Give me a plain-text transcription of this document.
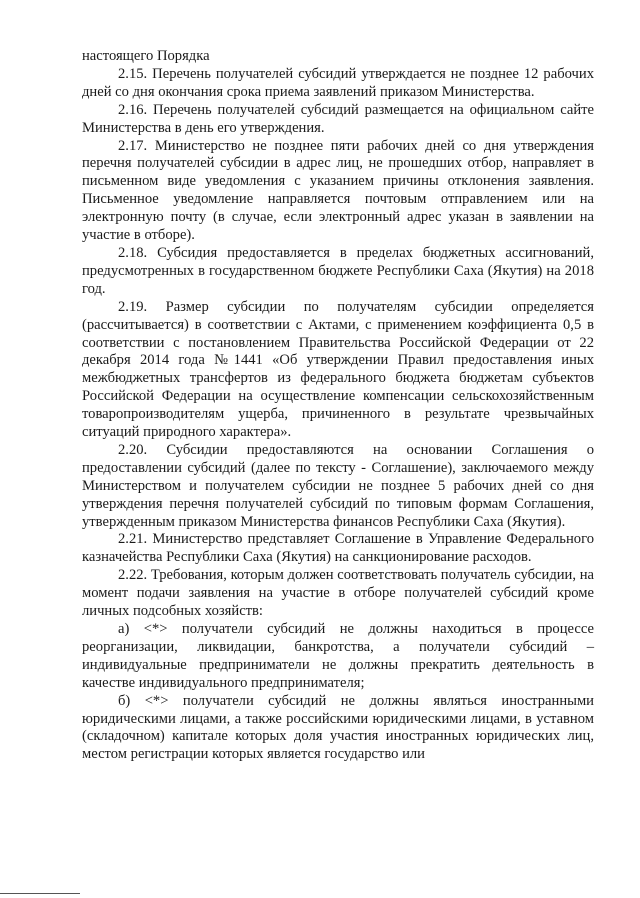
настоящего Порядка

2.15. Перечень получателей субсидий утверждается не позднее 12 рабочих дней со дня окончания срока приема заявлений приказом Министерства.

2.16. Перечень получателей субсидий размещается на официальном сайте Министерства в день его утверждения.

2.17. Министерство не позднее пяти рабочих дней со дня утверждения перечня получателей субсидии в адрес лиц, не прошедших отбор, направляет в письменном виде уведомления с указанием причины отклонения заявления. Письменное уведомление направляется почтовым отправлением или на электронную почту (в случае, если электронный адрес указан в заявлении на участие в отборе).

2.18. Субсидия предоставляется в пределах бюджетных ассигнований, предусмотренных в государственном бюджете Республики Саха (Якутия) на 2018 год.

2.19. Размер субсидии по получателям субсидии определяется (рассчитывается) в соответствии с Актами, с применением коэффициента 0,5 в соответствии с постановлением Правительства Российской Федерации от 22 декабря 2014 года №1441 «Об утверждении Правил предоставления иных межбюджетных трансфертов из федерального бюджета бюджетам субъектов Российской Федерации на осуществление компенсации сельскохозяйственным товаропроизводителям ущерба, причиненного в результате чрезвычайных ситуаций природного характера».

2.20. Субсидии предоставляются на основании Соглашения о предоставлении субсидий (далее по тексту - Соглашение), заключаемого между Министерством и получателем субсидии не позднее 5 рабочих дней со дня утверждения перечня получателей субсидий по типовым формам Соглашения, утвержденным приказом Министерства финансов Республики Саха (Якутия).

2.21. Министерство представляет Соглашение в Управление Федерального казначейства Республики Саха (Якутия) на санкционирование расходов.

2.22. Требования, которым должен соответствовать получатель субсидии, на момент подачи заявления на участие в отборе получателей субсидий кроме личных подсобных хозяйств:

а) <*> получатели субсидий не должны находиться в процессе реорганизации, ликвидации, банкротства, а получатели субсидий – индивидуальные предприниматели не должны прекратить деятельность в качестве индивидуального предпринимателя;

б) <*> получатели субсидий не должны являться иностранными юридическими лицами, а также российскими юридическими лицами, в уставном (складочном) капитале которых доля участия иностранных юридических лиц, местом регистрации которых является государство или
